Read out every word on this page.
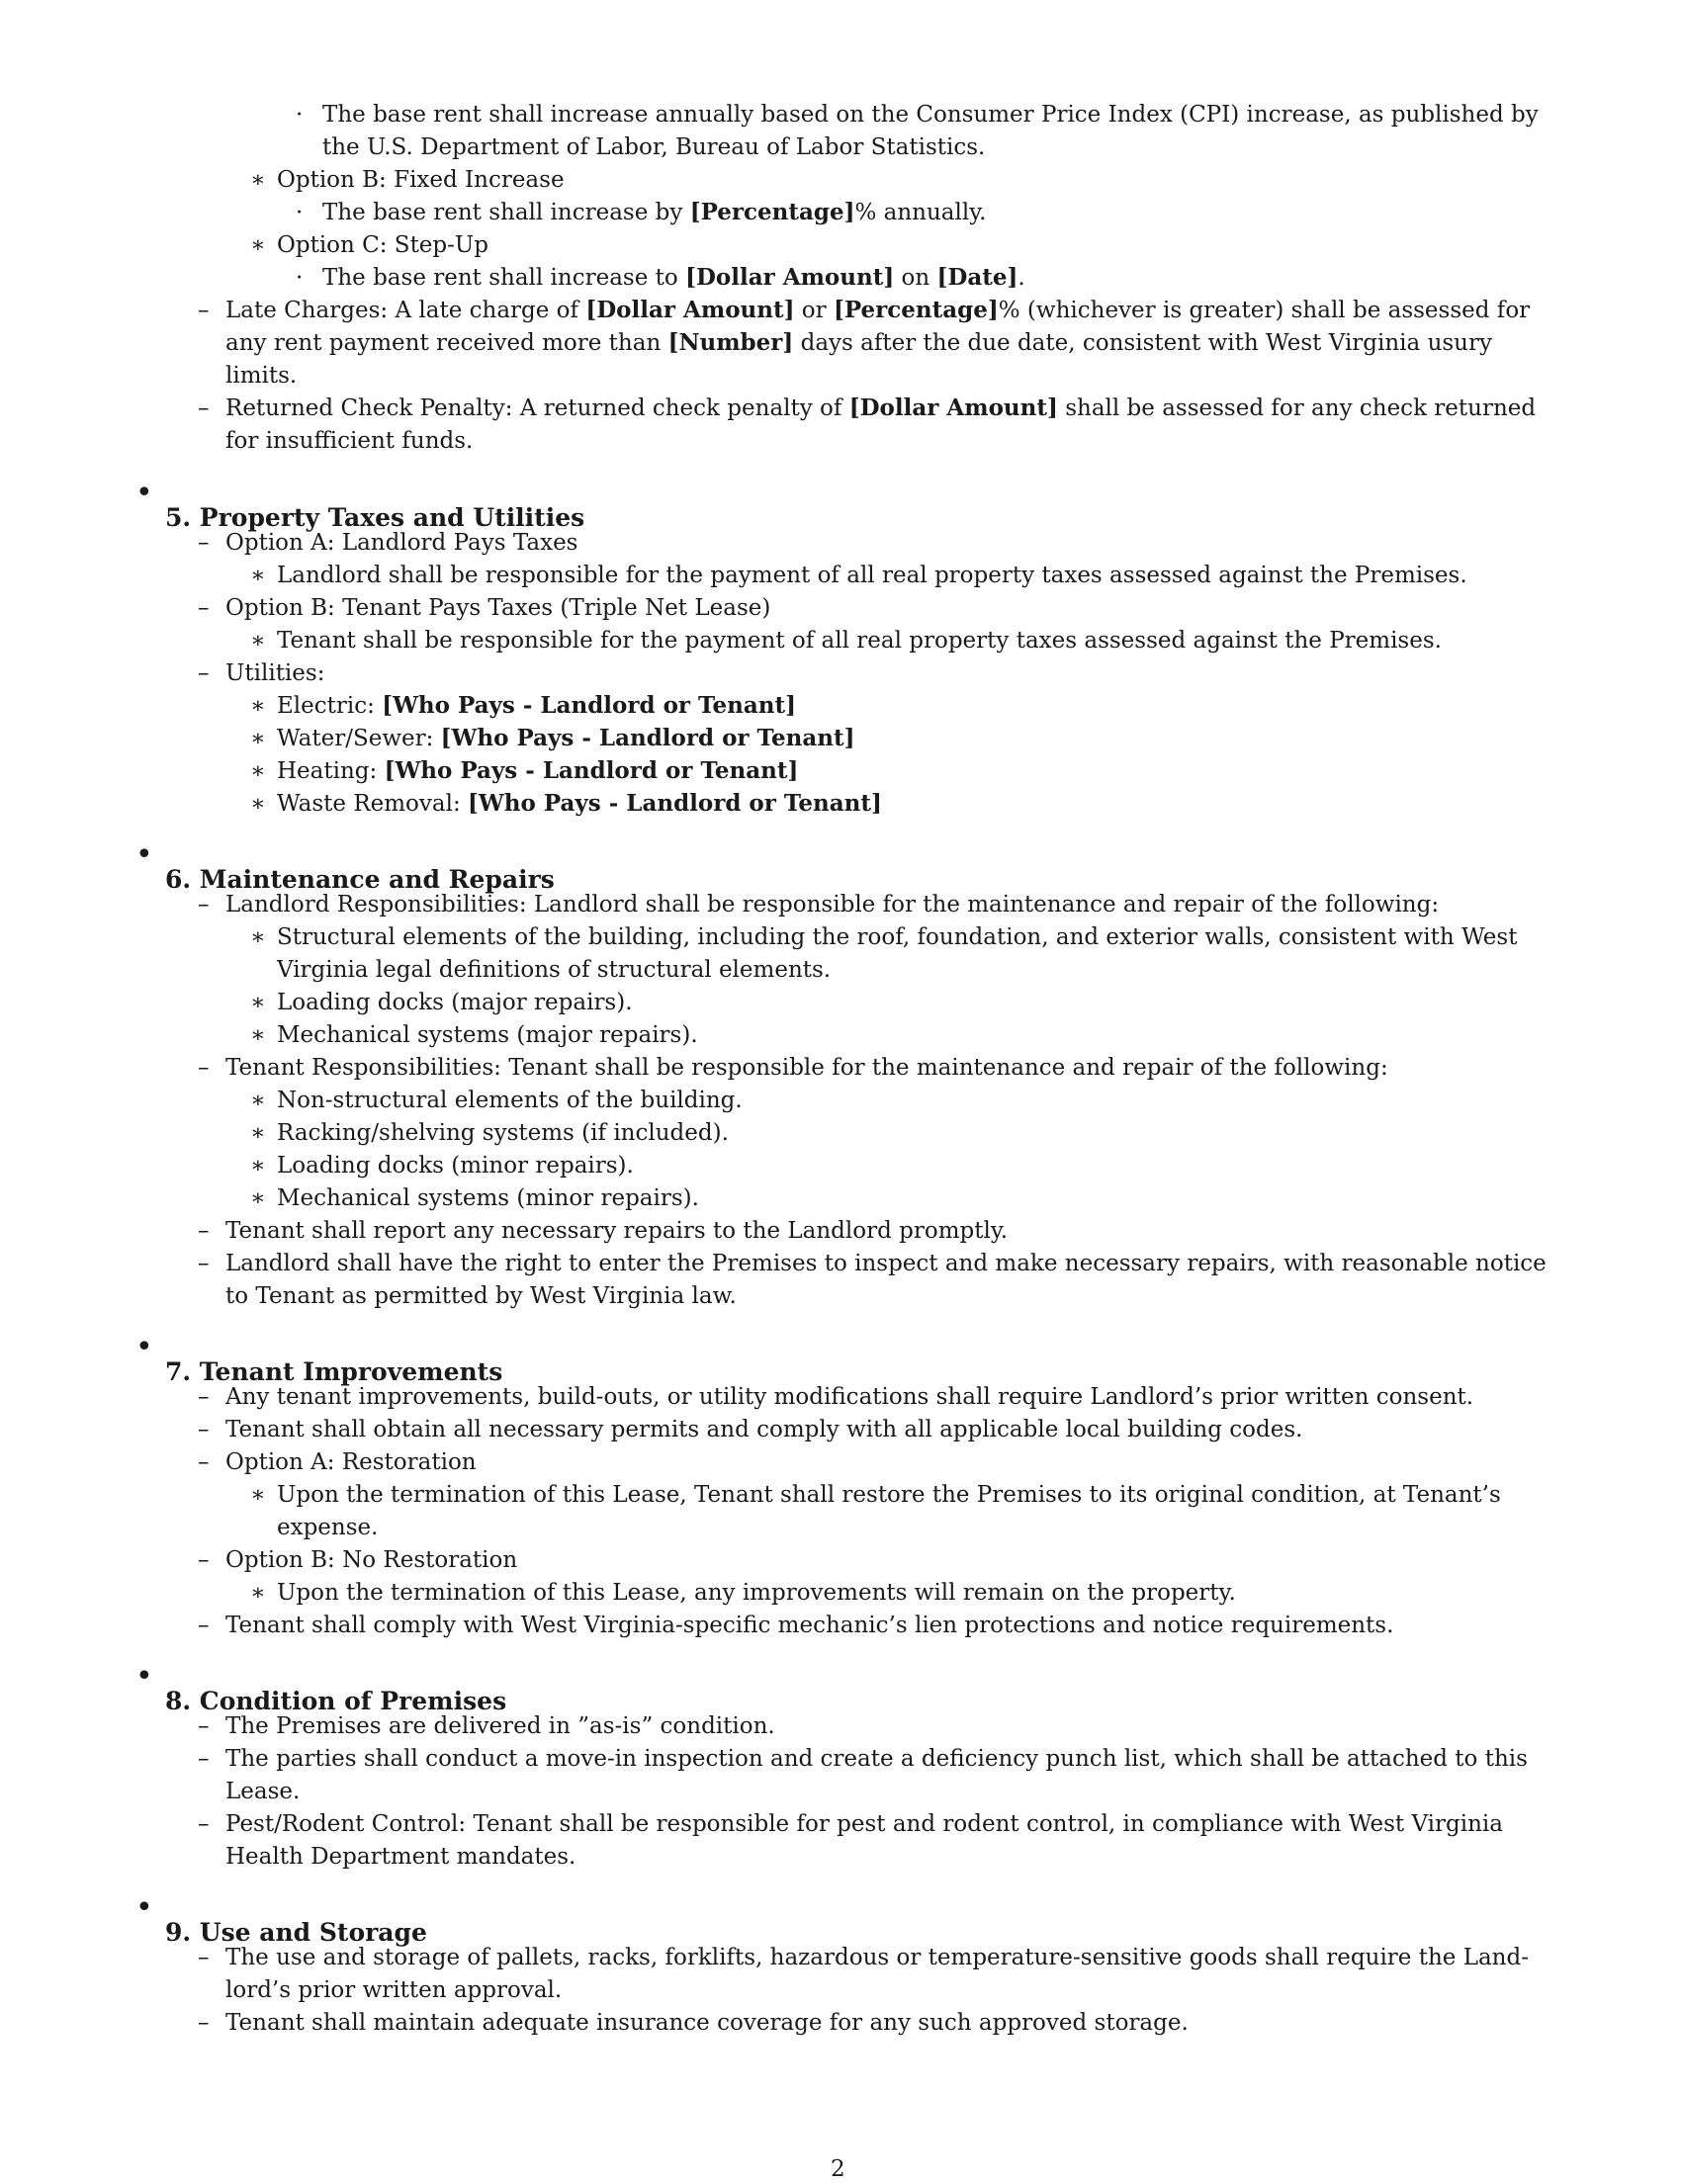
· The base rent shall increase annually based on the Consumer Price Index (CPI) increase, as published by

the U.S. Department of Labor, Bureau of Labor Statistics.

∗ Option B: Fixed Increase

· The base rent shall increase by [Percentage]% annually.

∗ Option C: Step-Up

· The base rent shall increase to [Dollar Amount] on [Date].

– Late Charges: A late charge of [Dollar Amount] or [Percentage]% (whichever is greater) shall be assessed for

any rent payment received more than [Number] days after the due date, consistent with West Virginia usury

limits.

– Returned Check Penalty: A returned check penalty of [Dollar Amount] shall be assessed for any check returned

for insufficient funds.

•

5. Property Taxes and Utilities

– Option A: Landlord Pays Taxes

∗ Landlord shall be responsible for the payment of all real property taxes assessed against the Premises.

– Option B: Tenant Pays Taxes (Triple Net Lease)

∗ Tenant shall be responsible for the payment of all real property taxes assessed against the Premises.

– Utilities:

∗ Electric: [Who Pays - Landlord or Tenant]

∗ Water/Sewer: [Who Pays - Landlord or Tenant]

∗ Heating: [Who Pays - Landlord or Tenant]

∗ Waste Removal: [Who Pays - Landlord or Tenant]

•

6. Maintenance and Repairs

– Landlord Responsibilities: Landlord shall be responsible for the maintenance and repair of the following:

∗ Structural elements of the building, including the roof, foundation, and exterior walls, consistent with West

Virginia legal definitions of structural elements.

∗ Loading docks (major repairs).

∗ Mechanical systems (major repairs).

– Tenant Responsibilities: Tenant shall be responsible for the maintenance and repair of the following:

∗ Non-structural elements of the building.

∗ Racking/shelving systems (if included).

∗ Loading docks (minor repairs).

∗ Mechanical systems (minor repairs).

– Tenant shall report any necessary repairs to the Landlord promptly.

– Landlord shall have the right to enter the Premises to inspect and make necessary repairs, with reasonable notice

to Tenant as permitted by West Virginia law.

•

7. Tenant Improvements

– Any tenant improvements, build-outs, or utility modifications shall require Landlord’s prior written consent.

– Tenant shall obtain all necessary permits and comply with all applicable local building codes.

– Option A: Restoration

∗ Upon the termination of this Lease, Tenant shall restore the Premises to its original condition, at Tenant’s

expense.

– Option B: No Restoration

∗ Upon the termination of this Lease, any improvements will remain on the property.

– Tenant shall comply with West Virginia-specific mechanic’s lien protections and notice requirements.

•

8. Condition of Premises

– The Premises are delivered in ”as-is” condition.

– The parties shall conduct a move-in inspection and create a deficiency punch list, which shall be attached to this

Lease.

– Pest/Rodent Control: Tenant shall be responsible for pest and rodent control, in compliance with West Virginia

Health Department mandates.

•

9. Use and Storage

– The use and storage of pallets, racks, forklifts, hazardous or temperature-sensitive goods shall require the Land-

lord’s prior written approval.

– Tenant shall maintain adequate insurance coverage for any such approved storage.

2
